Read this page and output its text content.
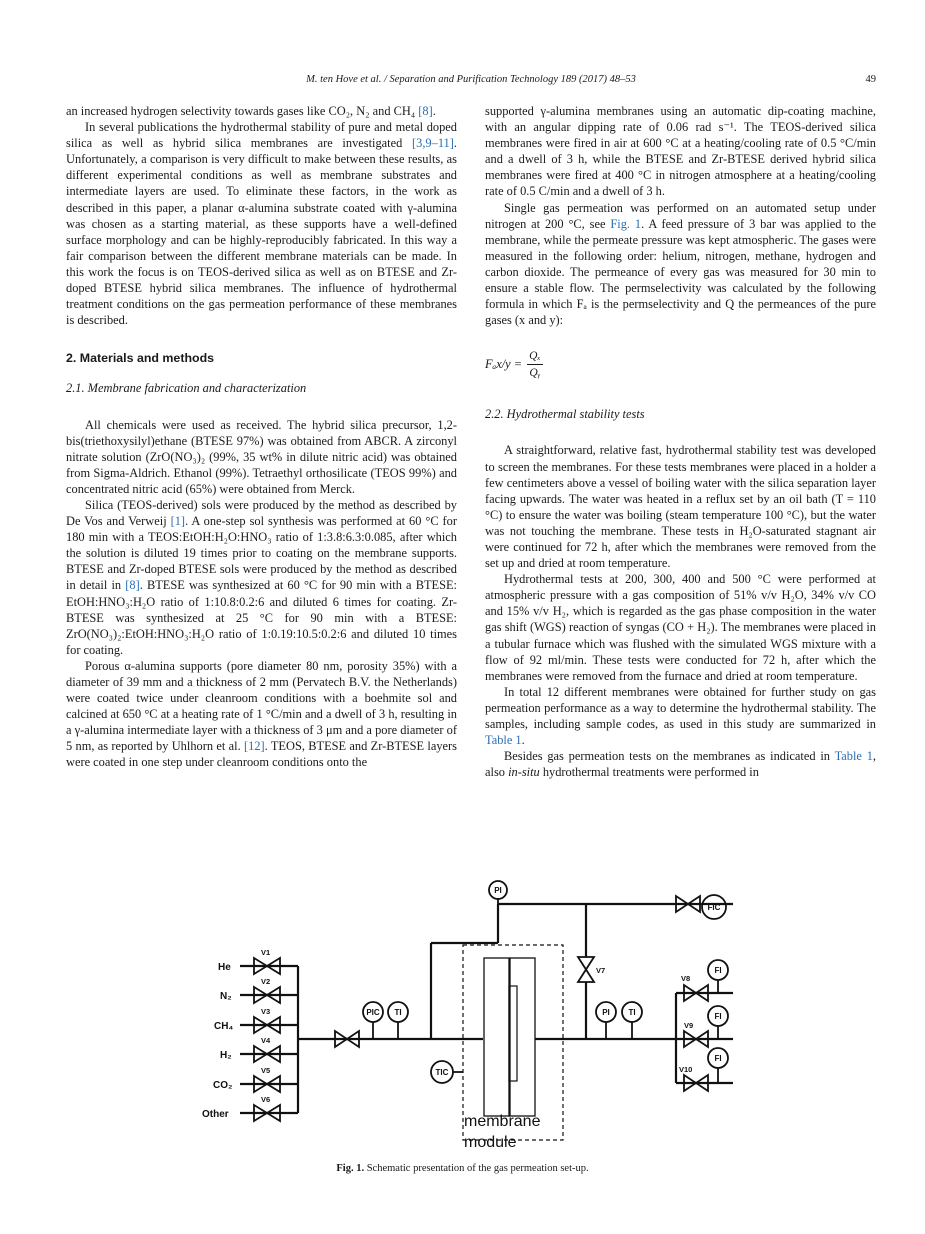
M. ten Hove et al. / Separation and Purification Technology 189 (2017) 48–53	49

an increased hydrogen selectivity towards gases like CO₂, N₂ and CH₄ [8].

In several publications the hydrothermal stability of pure and metal doped silica as well as hybrid silica membranes are investigated [3,9–11]. Unfortunately, a comparison is very difficult to make between these results, as different experimental conditions as well as membrane substrates and intermediate layers are used. To eliminate these factors, in the work as described in this paper, a planar α-alumina substrate coated with γ-alumina was chosen as a starting material, as these supports have a well-defined surface morphology and can be highly-reproducibly fabricated. In this way a fair comparison between the different membrane materials can be made. In this work the focus is on TEOS-derived silica as well as on BTESE and Zr-doped BTESE hybrid silica membranes. The influence of hydrothermal treatment conditions on the gas permeation performance of these membranes is described.

2. Materials and methods
2.1. Membrane fabrication and characterization

All chemicals were used as received. The hybrid silica precursor, 1,2-bis(triethoxysilyl)ethane (BTESE 97%) was obtained from ABCR. A zirconyl nitrate solution (ZrO(NO₃)₂ (99%, 35 wt% in dilute nitric acid) was obtained from Sigma-Aldrich. Ethanol (99%). Tetraethyl orthosilicate (TEOS 99%) and concentrated nitric acid (65%) were obtained from Merck.

Silica (TEOS-derived) sols were produced by the method as described by De Vos and Verweij [1]. A one-step sol synthesis was performed at 60 °C for 180 min with a TEOS:EtOH:H₂O:HNO₃ ratio of 1:3.8:6.3:0.085, after which the solution is diluted 19 times prior to coating on the membrane supports. BTESE and Zr-doped BTESE sols were produced by the method as described in detail in [8]. BTESE was synthesized at 60 °C for 90 min with a BTESE: EtOH:HNO₃:H₂O ratio of 1:10.8:0.2:6 and diluted 6 times for coating. Zr-BTESE was synthesized at 25 °C for 90 min with a BTESE: ZrO(NO₃)₂:EtOH:HNO₃:H₂O ratio of 1:0.19:10.5:0.2:6 and diluted 10 times for coating.

Porous α-alumina supports (pore diameter 80 nm, porosity 35%) with a diameter of 39 mm and a thickness of 2 mm (Pervatech B.V. the Netherlands) were coated twice under cleanroom conditions with a boehmite sol and calcined at 650 °C at a heating rate of 1 °C/min and a dwell of 3 h, resulting in a γ-alumina intermediate layer with a thickness of 3 μm and a pore diameter of 5 nm, as reported by Uhlhorn et al. [12]. TEOS, BTESE and Zr-BTESE layers were coated in one step under cleanroom conditions onto the

supported γ-alumina membranes using an automatic dip-coating machine, with an angular dipping rate of 0.06 rad s⁻¹. The TEOS-derived silica membranes were fired in air at 600 °C at a heating/cooling rate of 0.5 °C/min and a dwell of 3 h, while the BTESE and Zr-BTESE derived hybrid silica membranes were fired at 400 °C in nitrogen atmosphere at a heating/cooling rate of 0.5 C/min and a dwell of 3 h.

Single gas permeation was performed on an automated setup under nitrogen at 200 °C, see Fig. 1. A feed pressure of 3 bar was applied to the membrane, while the permeate pressure was kept atmospheric. The gases were measured in the following order: helium, nitrogen, methane, hydrogen and carbon dioxide. The permeance of every gas was measured for 30 min to ensure a stable flow. The permselectivity was calculated by the following formula in which Fₐ is the permselectivity and Q the permeances of the pure gases (x and y):

$F_ax/y = \frac{\text{Qₓ}}{\text{Qᵧ}}$
2.2. Hydrothermal stability tests

A straightforward, relative fast, hydrothermal stability test was developed to screen the membranes. For these tests membranes were placed in a holder a few centimeters above a vessel of boiling water with the silica separation layer facing upwards. The water was heated in a reflux set by an oil bath (T = 110 °C) to ensure the water was boiling (steam temperature 100 °C), but the water was not touching the membrane. These tests in H₂O-saturated stagnant air were continued for 72 h, after which the membranes were removed from the set up and dried at room temperature.

Hydrothermal tests at 200, 300, 400 and 500 °C were performed at atmospheric pressure with a gas composition of 51% v/v H₂O, 34% v/v CO and 15% v/v H₂, which is regarded as the gas phase composition in the water gas shift (WGS) reaction of syngas (CO + H₂). The membranes were placed in a tubular furnace which was flushed with the simulated WGS mixture with a flow of 92 ml/min. These tests were conducted for 72 h, after which the membranes were removed from the furnace and dried at room temperature.

In total 12 different membranes were obtained for further study on gas permeation performance as a way to determine the hydrothermal stability. The samples, including sample codes, as used in this study are summarized in Table 1.

Besides gas permeation tests on the membranes as indicated in Table 1, also in-situ hydrothermal treatments were performed in

He
N₂
CH₄
H₂
CO₂
Other
V1
V2
V3
V4
V5
V6
V7
V8
V9
V10
PI
FIC
PIC TI	PI TI
TIC
FI
FI
FI
membrane
module
Fig. 1. Schematic presentation of the gas permeation set-up.
